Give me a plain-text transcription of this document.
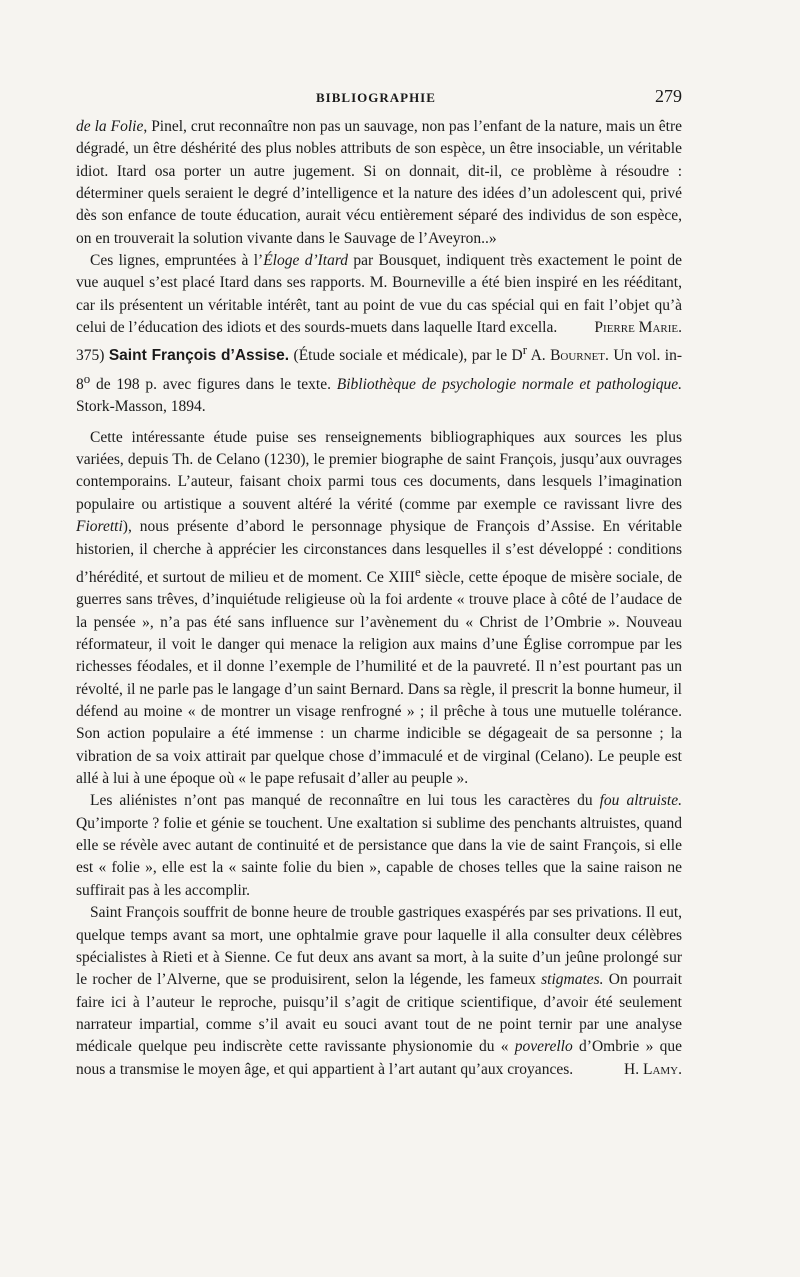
BIBLIOGRAPHIE	279

de la Folie, Pinel, crut reconnaître non pas un sauvage, non pas l’enfant de la nature, mais un être dégradé, un être déshérité des plus nobles attributs de son espèce, un être insociable, un véritable idiot. Itard osa porter un autre jugement. Si on donnait, dit-il, ce problème à résoudre : déterminer quels seraient le degré d’intelligence et la nature des idées d’un adolescent qui, privé dès son enfance de toute éducation, aurait vécu entièrement séparé des individus de son espèce, on en trouverait la solution vivante dans le Sauvage de l’Aveyron..»

Ces lignes, empruntées à l’Éloge d’Itard par Bousquet, indiquent très exactement le point de vue auquel s’est placé Itard dans ses rapports. M. Bourneville a été bien inspiré en les rééditant, car ils présentent un véritable intérêt, tant au point de vue du cas spécial qui en fait l’objet qu’à celui de l’éducation des idiots et des sourds-muets dans laquelle Itard excella.	Pierre Marie.

375) Saint François d’Assise. (Étude sociale et médicale), par le $D^r$ A. Bournet. Un vol. in-8$^o$ de 198 p. avec figures dans le texte. Bibliothèque de psychologie normale et pathologique. Stork-Masson, 1894.

Cette intéressante étude puise ses renseignements bibliographiques aux sources les plus variées, depuis Th. de Celano (1230), le premier biographe de saint François, jusqu’aux ouvrages contemporains. L’auteur, faisant choix parmi tous ces documents, dans lesquels l’imagination populaire ou artistique a souvent altéré la vérité (comme par exemple ce ravissant livre des Fioretti), nous présente d’abord le personnage physique de François d’Assise. En véritable historien, il cherche à apprécier les circonstances dans lesquelles il s’est développé : conditions d’hérédité, et surtout de milieu et de moment. Ce XIIIe siècle, cette époque de misère sociale, de guerres sans trêves, d’inquiétude religieuse où la foi ardente « trouve place à côté de l’audace de la pensée », n’a pas été sans influence sur l’avènement du « Christ de l’Ombrie ». Nouveau réformateur, il voit le danger qui menace la religion aux mains d’une Église corrompue par les richesses féodales, et il donne l’exemple de l’humilité et de la pauvreté. Il n’est pourtant pas un révolté, il ne parle pas le langage d’un saint Bernard. Dans sa règle, il prescrit la bonne humeur, il défend au moine « de montrer un visage renfrogné » ; il prêche à tous une mutuelle tolérance. Son action populaire a été immense : un charme indicible se dégageait de sa personne ; la vibration de sa voix attirait par quelque chose d’immaculé et de virginal (Celano). Le peuple est allé à lui à une époque où « le pape refusait d’aller au peuple ».

Les aliénistes n’ont pas manqué de reconnaître en lui tous les caractères du fou altruiste. Qu’importe ? folie et génie se touchent. Une exaltation si sublime des penchants altruistes, quand elle se révèle avec autant de continuité et de persistance que dans la vie de saint François, si elle est « folie », elle est la « sainte folie du bien », capable de choses telles que la saine raison ne suffirait pas à les accomplir.

Saint François souffrit de bonne heure de trouble gastriques exaspérés par ses privations. Il eut, quelque temps avant sa mort, une ophtalmie grave pour laquelle il alla consulter deux célèbres spécialistes à Rieti et à Sienne. Ce fut deux ans avant sa mort, à la suite d’un jeûne prolongé sur le rocher de l’Alverne, que se produisirent, selon la légende, les fameux stigmates. On pourrait faire ici à l’auteur le reproche, puisqu’il s’agit de critique scientifique, d’avoir été seulement narrateur impartial, comme s’il avait eu souci avant tout de ne point ternir par une analyse médicale quelque peu indiscrète cette ravissante physionomie du « poverello d’Ombrie » que nous a transmise le moyen âge, et qui appartient à l’art autant qu’aux croyances.	H. Lamy.
